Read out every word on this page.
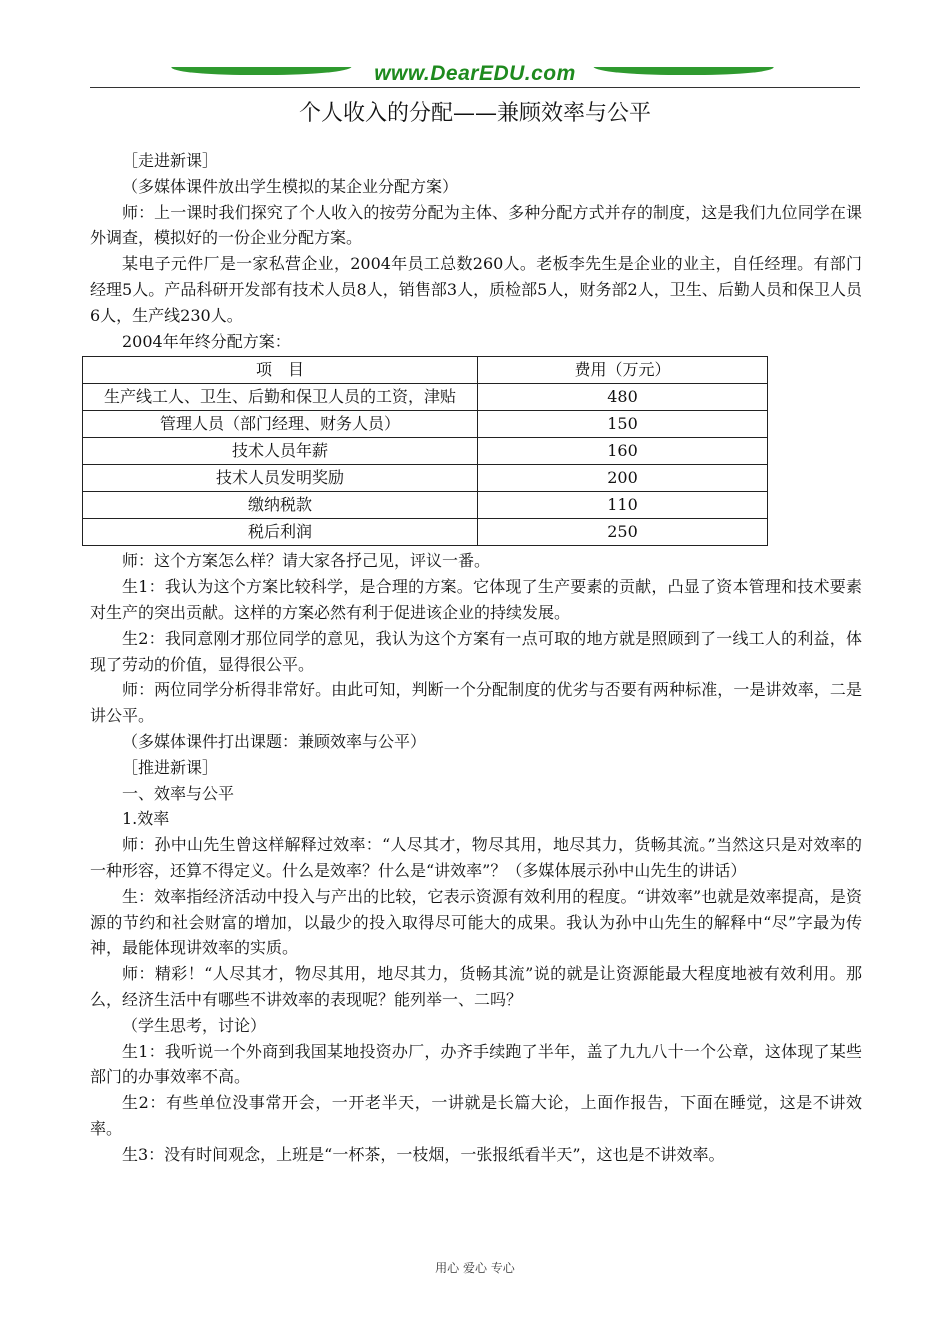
www.DearEDU.com
个人收入的分配——兼顾效率与公平

［走进新课］

（多媒体课件放出学生模拟的某企业分配方案）

师：上一课时我们探究了个人收入的按劳分配为主体、多种分配方式并存的制度，这是我们九位同学在课外调查，模拟好的一份企业分配方案。

某电子元件厂是一家私营企业，2004年员工总数260人。老板李先生是企业的业主，自任经理。有部门经理5人。产品科研开发部有技术人员8人，销售部3人，质检部5人，财务部2人，卫生、后勤人员和保卫人员6人，生产线230人。

2004年年终分配方案：

项　目	费用（万元）
生产线工人、卫生、后勤和保卫人员的工资，津贴	480
管理人员（部门经理、财务人员）	150
技术人员年薪	160
技术人员发明奖励	200
缴纳税款	110
税后利润	250

师：这个方案怎么样？请大家各抒己见，评议一番。

生1：我认为这个方案比较科学，是合理的方案。它体现了生产要素的贡献，凸显了资本管理和技术要素对生产的突出贡献。这样的方案必然有利于促进该企业的持续发展。

生2：我同意刚才那位同学的意见，我认为这个方案有一点可取的地方就是照顾到了一线工人的利益，体现了劳动的价值，显得很公平。

师：两位同学分析得非常好。由此可知，判断一个分配制度的优劣与否要有两种标准，一是讲效率，二是讲公平。

（多媒体课件打出课题：兼顾效率与公平）

［推进新课］

一、效率与公平

1.效率

师：孙中山先生曾这样解释过效率：“人尽其才，物尽其用，地尽其力，货畅其流。”当然这只是对效率的一种形容，还算不得定义。什么是效率？什么是“讲效率”？（多媒体展示孙中山先生的讲话）

生：效率指经济活动中投入与产出的比较，它表示资源有效利用的程度。“讲效率”也就是效率提高，是资源的节约和社会财富的增加，以最少的投入取得尽可能大的成果。我认为孙中山先生的解释中“尽”字最为传神，最能体现讲效率的实质。

师：精彩！“人尽其才，物尽其用，地尽其力，货畅其流”说的就是让资源能最大程度地被有效利用。那么，经济生活中有哪些不讲效率的表现呢？能列举一、二吗？

（学生思考，讨论）

生1：我听说一个外商到我国某地投资办厂，办齐手续跑了半年，盖了九九八十一个公章，这体现了某些部门的办事效率不高。

生2：有些单位没事常开会，一开老半天，一讲就是长篇大论，上面作报告，下面在睡觉，这是不讲效率。

生3：没有时间观念，上班是“一杯茶，一枝烟，一张报纸看半天”，这也是不讲效率。

用心 爱心 专心
